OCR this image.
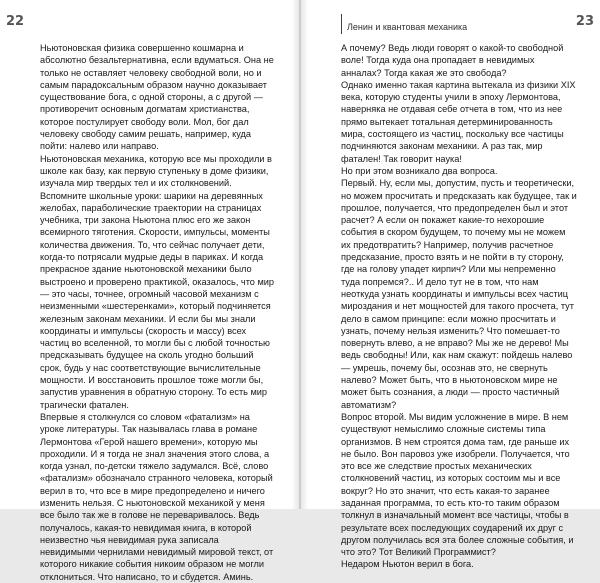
22

Ньютоновская физика совершенно кошмарна и абсолютно безальтернативна, если вдуматься. Она не только не оставляет человеку свободной воли, но и самым парадоксальным образом научно доказывает существование бога, с одной стороны, а с другой — противоречит основным догматам христианства, которое постулирует свободу воли. Мол, бог дал человеку свободу самим решать, например, куда пойти: налево или направо.

Ньютоновская механика, которую все мы проходили в школе как базу, как первую ступеньку в доме физики, изучала мир твердых тел и их столкновений. Вспомните школьные уроки: шарики на деревянных желобах, параболические траектории на страницах учебника, три закона Ньютона плюс его же закон всемирного тяготения. Скорости, импульсы, моменты количества движения. То, что сейчас получает дети, когда-то потрясали мудрые деды в париках. И когда прекрасное здание ньютоновской механики было выстроено и проверено практикой, оказалось, что мир — это часы, точнее, огромный часовой механизм с неизменными «шестеренками», который подчиняется железным законам механики. И если бы мы знали координаты и импульсы (скорость и массу) всех частиц во вселенной, то могли бы с любой точностью предсказывать будущее на сколь угодно больший срок, будь у нас соответствующие вычислительные мощности. И восстановить прошлое тоже могли бы, запустив уравнения в обратную сторону. То есть мир трагически фатален.

Впервые я столкнулся со словом «фатализм» на уроке литературы. Так называлась глава в романе Лермонтова «Герой нашего времени», которую мы проходили. И я тогда не знал значения этого слова, а когда узнал, по-детски тяжело задумался. Всё, слово «фатализм» обозначало странного человека, который верил в то, что все в мире предопределено и ничего изменить нельзя. С ньютоновской механикой у меня все было так же в голове не переваривалось. Ведь получалось, какая-то невидимая книга, в которой неизвестно чья невидимая рука записала невидимыми чернилами невидимый мировой текст, от которого никакие события никоим образом не могли отклониться. Что написано, то и сбудется. Аминь.

Ленин и квантовая механика	23

А почему? Ведь люди говорят о какой-то свободной воле! Тогда куда она пропадает в невидимых анналах? Тогда какая же это свобода?

Однако именно такая картина вытекала из физики XIX века, которую студенты учили в эпоху Лермонтова, наверняка не отдавая себе отчета в том, что из нее прямо вытекает тотальная детерминированность мира, состоящего из частиц, поскольку все частицы подчиняются законам механики. А раз так, мир фатален! Так говорит наука!

Но при этом возникало два вопроса.

Первый. Ну, если мы, допустим, пусть и теоретически, но можем просчитать и предсказать как будущее, так и прошлое, получается, что предопределен был и этот расчет? А если он покажет какие-то нехорошие события в скором будущем, то почему мы не можем их предотвратить? Например, получив расчетное предсказание, просто взять и не пойти в ту сторону, где на голову упадет кирпич? Или мы непременно туда попремся?.. И дело тут не в том, что нам неоткуда узнать координаты и импульсы всех частиц мироздания и нет мощностей для такого просчета, тут дело в самом принципе: если можно просчитать и узнать, почему нельзя изменить? Что помешает-то повернуть влево, а не вправо? Мы же не дерево! Мы ведь свободны! Или, как нам скажут: пойдешь налево — умрешь, почему бы, осознав это, не свернуть налево? Может быть, что в ньютоновском мире не может быть сознания, а люди — просто частичный автоматизм?

Вопрос второй. Мы видим усложнение в мире. В нем существуют немыслимо сложные системы типа организмов. В нем строятся дома там, где раньше их не было. Вон паровоз уже изобрели. Получается, что это все же следствие простых механических столкновений частиц, из которых состоим мы и все вокруг? Но это значит, что есть какая-то заранее заданная программа, то есть кто-то таким образом толкнул в изначальный момент все частицы, чтобы в результате всех последующих соударений их друг с другом получилась вся эта более сложные события, и что это? Тот Великий Программист?

Недаром Ньютон верил в бога.
